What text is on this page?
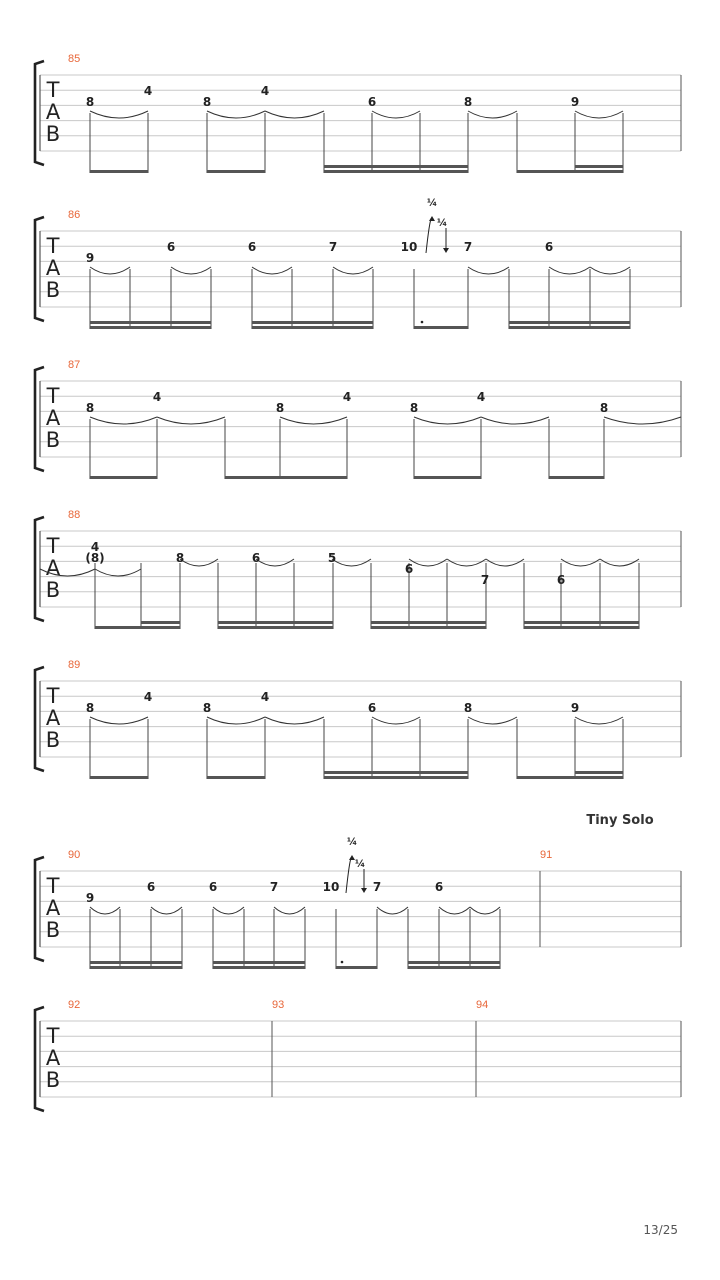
T
A
B
85
8
4
8
4
6	8	9
T
A
B
86
9
6	6	7	10	7	6
¼
¼
T
A
B
87
8
4
8
4
8
4
8
T
A
B
88
4
(8)	8	6	5
6
7	6
T
A
B
89
8
4
8
4
6	8	9
T
A
B
90	91
9
6	6	7	10	7	6
¼
¼
T
A
B
92	93	94
Tiny Solo
13/25
